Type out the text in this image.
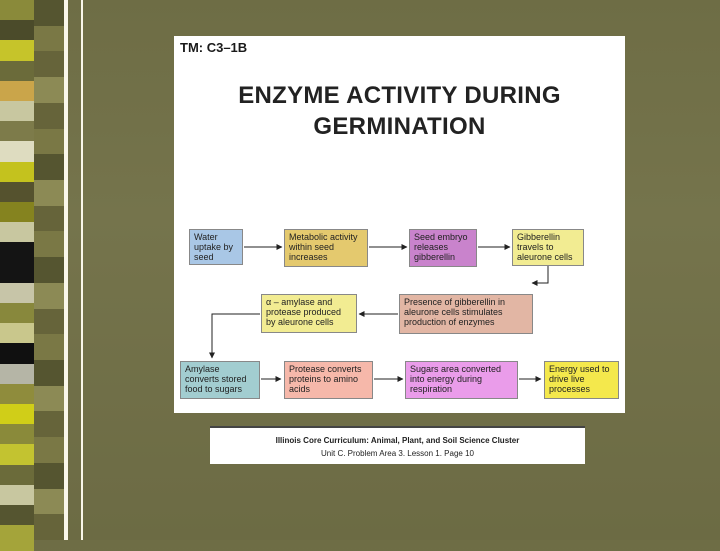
TM: C3–1B
ENZYME ACTIVITY DURING
GERMINATION
Water uptake by seed
Metabolic activity within seed increases
Seed embryo releases gibberellin
Gibberellin travels to aleurone cells
Presence of gibberellin in aleurone cells stimulates production of enzymes
α – amylase and protease produced by aleurone cells
Amylase converts stored food to sugars
Protease converts proteins to amino acids
Sugars area converted into energy during respiration
Energy used to drive live processes
Illinois Core Curriculum: Animal, Plant, and Soil Science Cluster
Unit C. Problem Area 3. Lesson 1. Page 10
